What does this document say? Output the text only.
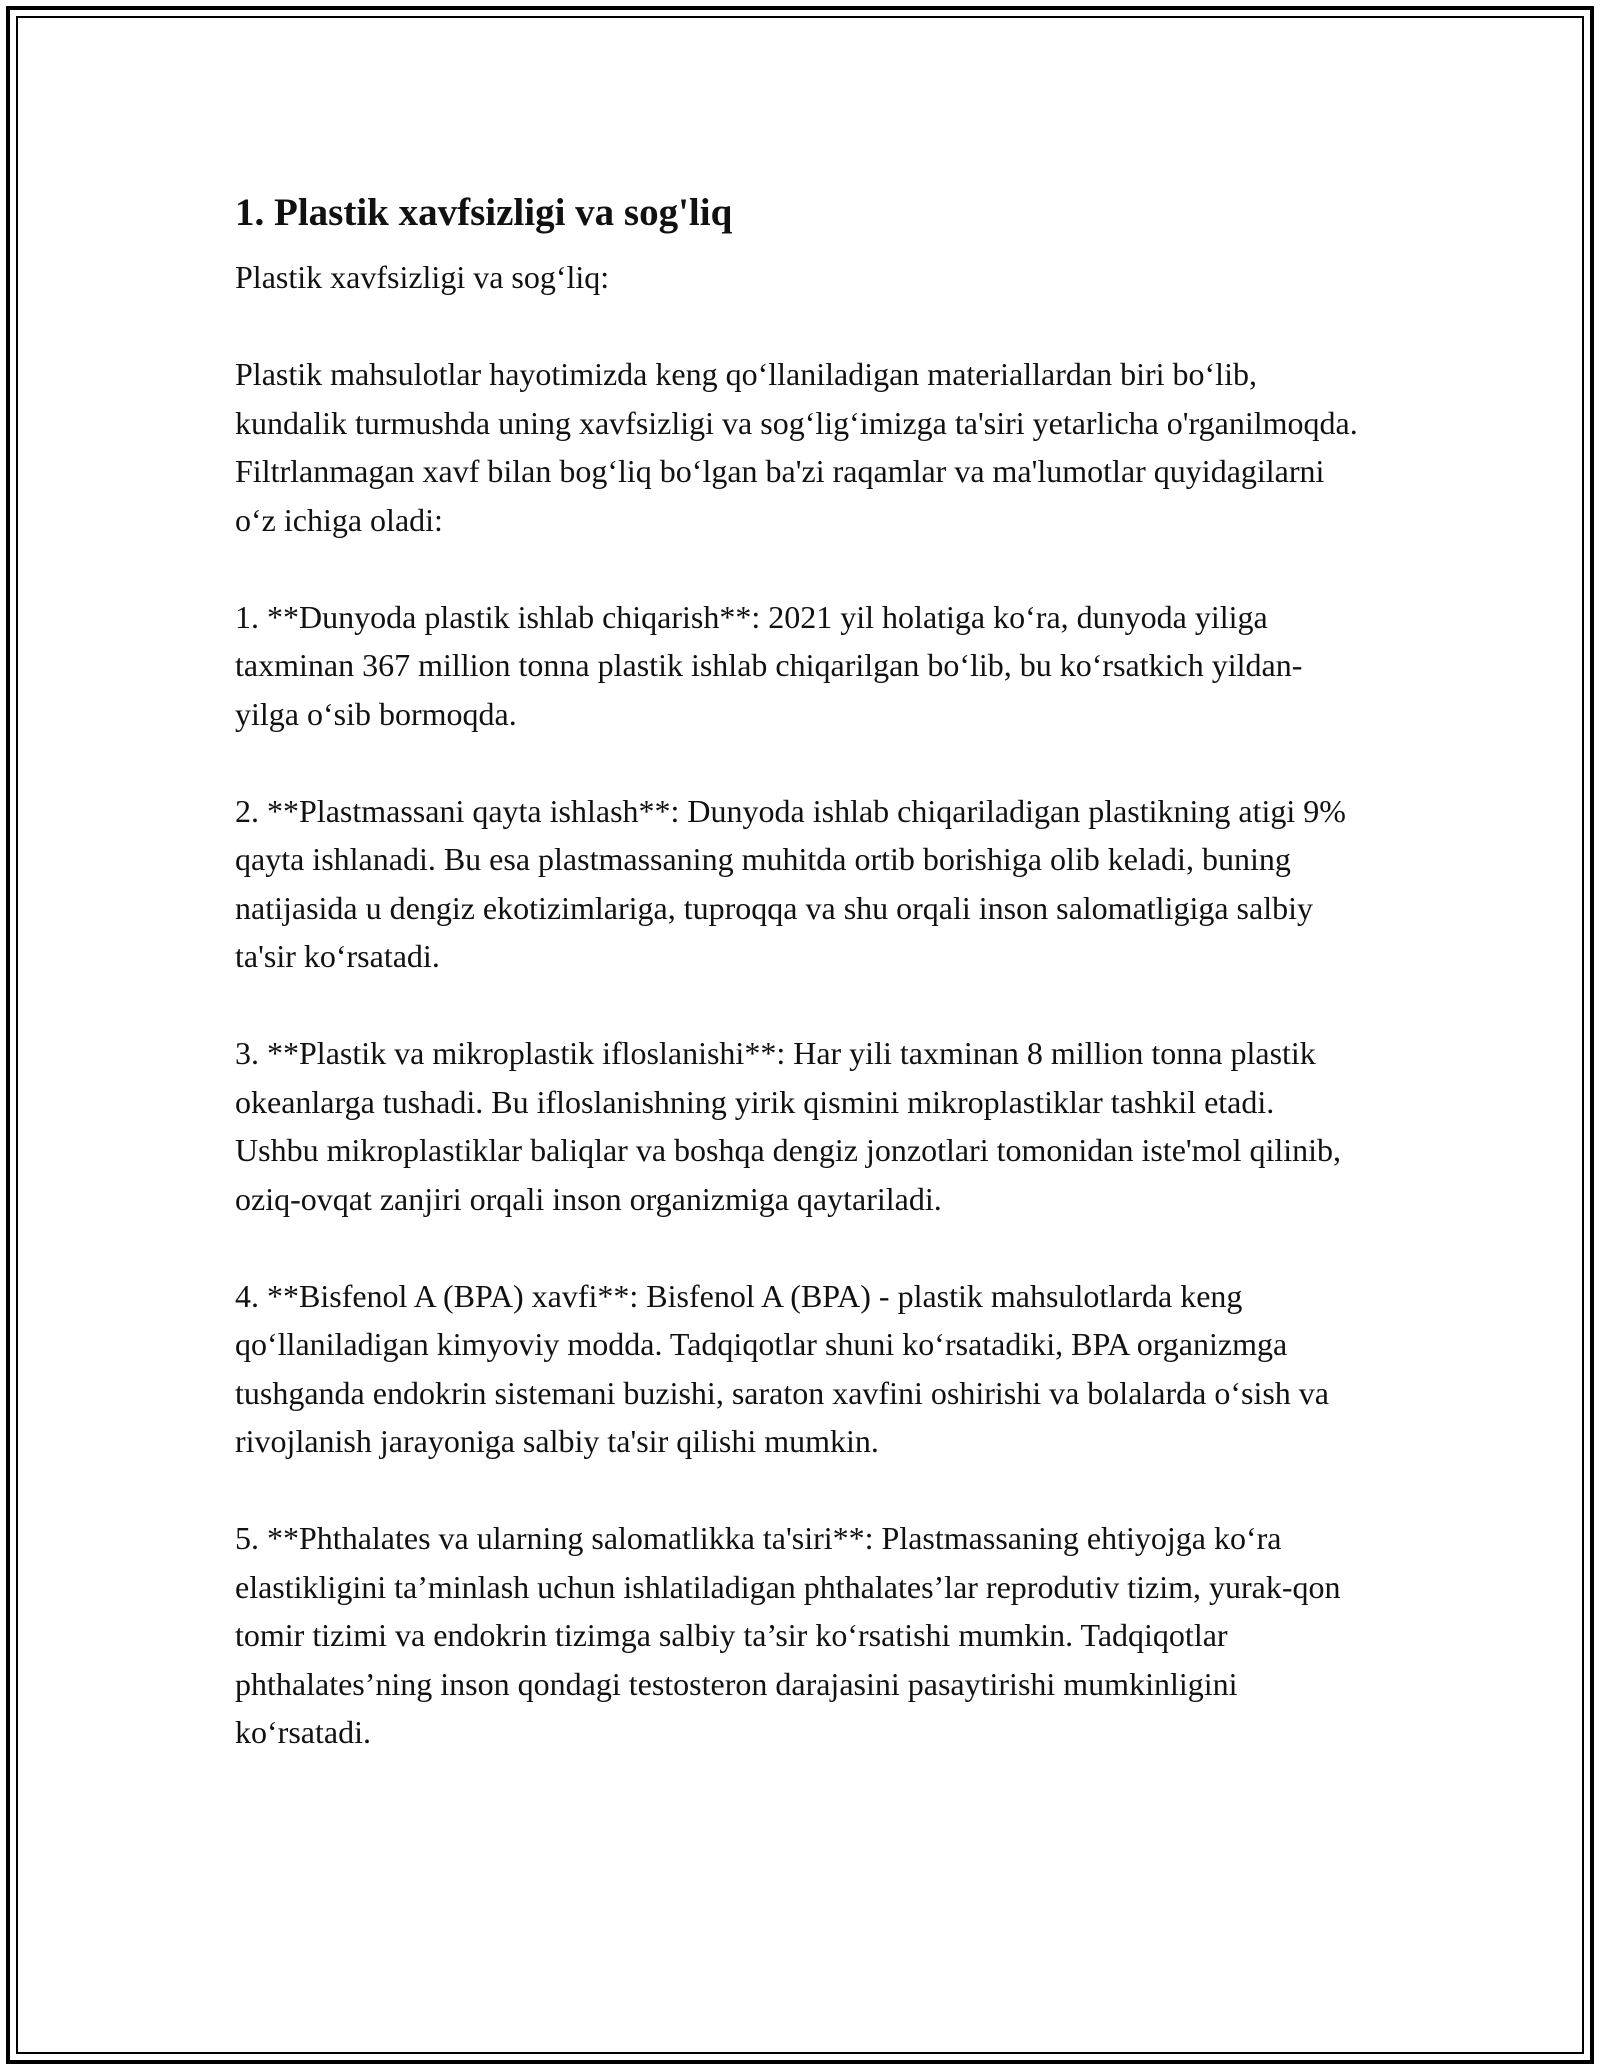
1. Plastik xavfsizligi va sog'liq

Plastik xavfsizligi va sog‘liq:

Plastik mahsulotlar hayotimizda keng qo‘llaniladigan materiallardan biri bo‘lib, kundalik turmushda uning xavfsizligi va sog‘lig‘imizga ta'siri yetarlicha o'rganilmoqda. Filtrlanmagan xavf bilan bog‘liq bo‘lgan ba'zi raqamlar va ma'lumotlar quyidagilarni o‘z ichiga oladi:

1. **Dunyoda plastik ishlab chiqarish**: 2021 yil holatiga ko‘ra, dunyoda yiliga taxminan 367 million tonna plastik ishlab chiqarilgan bo‘lib, bu ko‘rsatkich yildan-yilga o‘sib bormoqda.

2. **Plastmassani qayta ishlash**: Dunyoda ishlab chiqariladigan plastikning atigi 9% qayta ishlanadi. Bu esa plastmassaning muhitda ortib borishiga olib keladi, buning natijasida u dengiz ekotizimlariga, tuproqqa va shu orqali inson salomatligiga salbiy ta'sir ko‘rsatadi.

3. **Plastik va mikroplastik ifloslanishi**: Har yili taxminan 8 million tonna plastik okeanlarga tushadi. Bu ifloslanishning yirik qismini mikroplastiklar tashkil etadi. Ushbu mikroplastiklar baliqlar va boshqa dengiz jonzotlari tomonidan iste'mol qilinib, oziq-ovqat zanjiri orqali inson organizmiga qaytariladi.

4. **Bisfenol A (BPA) xavfi**: Bisfenol A (BPA) - plastik mahsulotlarda keng qo‘llaniladigan kimyoviy modda. Tadqiqotlar shuni ko‘rsatadiki, BPA organizmga tushganda endokrin sistemani buzishi, saraton xavfini oshirishi va bolalarda o‘sish va rivojlanish jarayoniga salbiy ta'sir qilishi mumkin.

5. **Phthalates va ularning salomatlikka ta'siri**: Plastmassaning ehtiyojga ko‘ra elastikligini ta’minlash uchun ishlatiladigan phthalates’lar reprodutiv tizim, yurak-qon tomir tizimi va endokrin tizimga salbiy ta’sir ko‘rsatishi mumkin. Tadqiqotlar phthalates’ning inson qondagi testosteron darajasini pasaytirishi mumkinligini ko‘rsatadi.
